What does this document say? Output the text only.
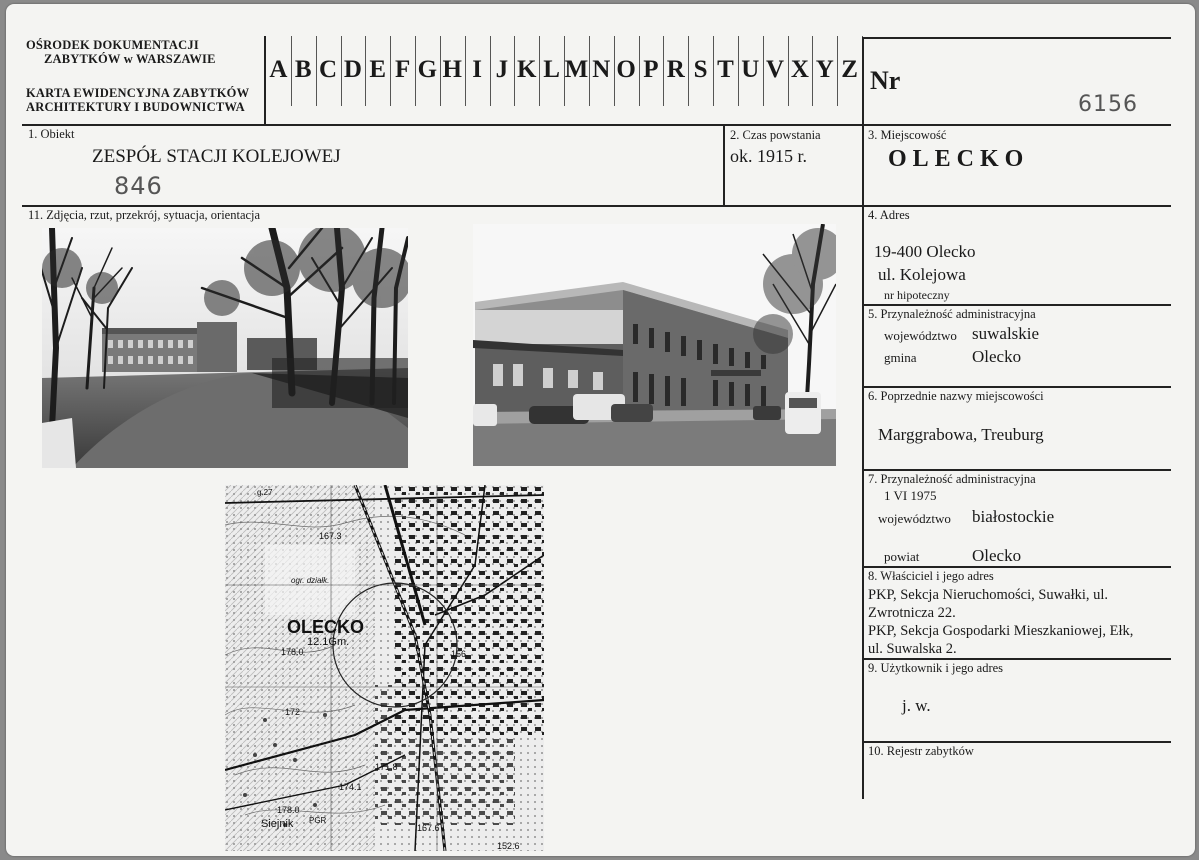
OŚRODEK DOKUMENTACJI
ZABYTKÓW w WARSZAWIE
KARTA EWIDENCYJNA ZABYTKÓW
ARCHITEKTURY I BUDOWNICTWA
A B C D E F G H I J K L M N O P R S T U V X Y Z Nr
6156
1. Obiekt
ZESPÓŁ STACJI KOLEJOWEJ
846
2. Czas powstania
ok. 1915 r.
3. Miejscowość
OLECKO
11. Zdjęcia, rzut, przekrój, sytuacja, orientacja	4. Adres
19-400 Olecko
ul. Kolejowa
nr hipoteczny
5. Przynależność administracyjna
województwo suwalskie
gmina	Olecko
6. Poprzednie nazwy miejscowości
Marggrabowa, Treuburg
7. Przynależność administracyjna
1 VI 1975
województwo białostockie
powiat	Olecko
8. Właściciel i jego adres
PKP, Sekcja Nieruchomości, Suwałki, ul.
Zwrotnicza 22.
PKP, Sekcja Gospodarki Mieszkaniowej, Ełk,
ul. Suwalska 2.
9. Użytkownik i jego adres
j. w.
10. Rejestr zabytków
OLECKO
12.1Gm.
167.3
178.0
172
171.8
174.1
178.0
167.6
152.6
156
Siejnik PGR
ogr. działk.
g.27
